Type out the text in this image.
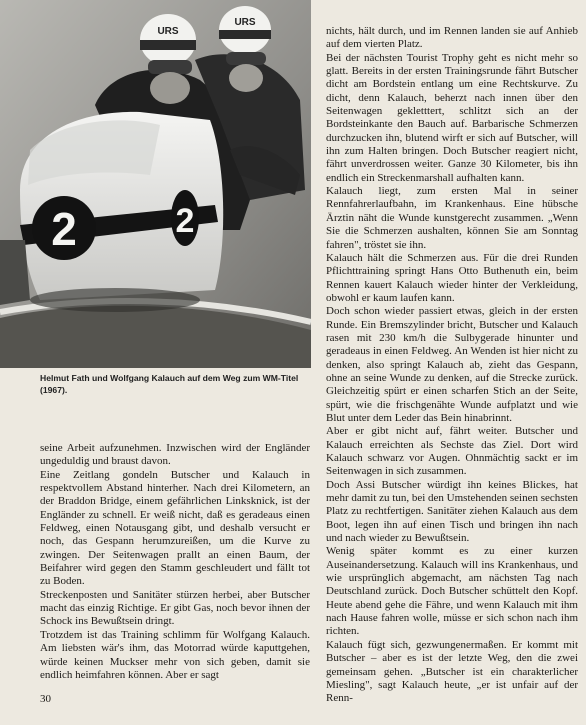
URS
URS
2	2
Helmut Fath und Wolfgang Kalauch auf dem Weg zum WM-Titel (1967).

seine Arbeit aufzunehmen. Inzwischen wird der Engländer ungeduldig und braust davon.

Eine Zeitlang gondeln Butscher und Kalauch in respektvollem Abstand hinterher. Nach drei Kilometern, an der Braddon Bridge, einem gefährlichen Linksknick, ist der Engländer zu schnell. Er weiß nicht, daß es geradeaus einen Feldweg, einen Notausgang gibt, und deshalb versucht er noch, das Gespann herumzureißen, um die Kurve zu zwingen. Der Seitenwagen prallt an einen Baum, der Beifahrer wird gegen den Stamm geschleudert und fällt tot zu Boden.

Streckenposten und Sanitäter stürzen herbei, aber Butscher macht das einzig Richtige. Er gibt Gas, noch bevor ihnen der Schock ins Bewußtsein dringt.

Trotzdem ist das Training schlimm für Wolfgang Kalauch. Am liebsten wär's ihm, das Motorrad würde kaputtgehen, würde keinen Muckser mehr von sich geben, damit sie endlich heimfahren können. Aber er sagt

nichts, hält durch, und im Rennen landen sie auf Anhieb auf dem vierten Platz.

Bei der nächsten Tourist Trophy geht es nicht mehr so glatt. Bereits in der ersten Trainingsrunde fährt Butscher dicht am Bordstein entlang um eine Rechtskurve. Zu dicht, denn Kalauch, beherzt nach innen über den Seitenwagen gekletttert, schlitzt sich an der Bordsteinkante den Bauch auf. Barbarische Schmerzen durchzucken ihn, blutend wirft er sich auf Butscher, will ihn zum Halten bringen. Doch Butscher reagiert nicht, fährt unverdrossen weiter. Ganze 30 Kilometer, bis ihn endlich ein Streckenmarshall aufhalten kann.

Kalauch liegt, zum ersten Mal in seiner Rennfahrerlaufbahn, im Krankenhaus. Eine hübsche Ärztin näht die Wunde kunstgerecht zusammen. „Wenn Sie die Schmerzen aushalten, können Sie am Sonntag fahren", tröstet sie ihn.

Kalauch hält die Schmerzen aus. Für die drei Runden Pflichttraining springt Hans Otto Buthenuth ein, beim Rennen kauert Kalauch wieder hinter der Verkleidung, obwohl er kaum laufen kann.

Doch schon wieder passiert etwas, gleich in der ersten Runde. Ein Bremszylinder bricht, Butscher und Kalauch rasen mit 230 km/h die Sulbygerade hinunter und geradeaus in einen Feldweg. An Wenden ist hier nicht zu denken, also springt Kalauch ab, zieht das Gespann, ohne an seine Wunde zu denken, auf die Strecke zurück. Gleichzeitig spürt er einen scharfen Stich an der Seite, spürt, wie die frischgenähte Wunde aufplatzt und wie Blut unter dem Leder das Bein hinabrinnt.

Aber er gibt nicht auf, fährt weiter. Butscher und Kalauch erreichten als Sechste das Ziel. Dort wird Kalauch schwarz vor Augen. Ohnmächtig sackt er im Seitenwagen in sich zusammen.

Doch Assi Butscher würdigt ihn keines Blickes, hat mehr damit zu tun, bei den Umstehenden seinen sechsten Platz zu rechtfertigen. Sanitäter ziehen Kalauch aus dem Boot, legen ihn auf einen Tisch und bringen ihn nach und nach wieder zu Bewußtsein.

Wenig später kommt es zu einer kurzen Auseinandersetzung. Kalauch will ins Krankenhaus, und wie ursprünglich abgemacht, am nächsten Tag nach Deutschland zurück. Doch Butscher schüttelt den Kopf. Heute abend gehe die Fähre, und wenn Kalauch mit ihm nach Hause fahren wolle, müsse er sich schon nach ihm richten.

Kalauch fügt sich, gezwungenermaßen. Er kommt mit Butscher – aber es ist der letzte Weg, den die zwei gemeinsam gehen. „Butscher ist ein charakterlicher Miesling", sagt Kalauch heute, „er ist unfair auf der Renn-

30
